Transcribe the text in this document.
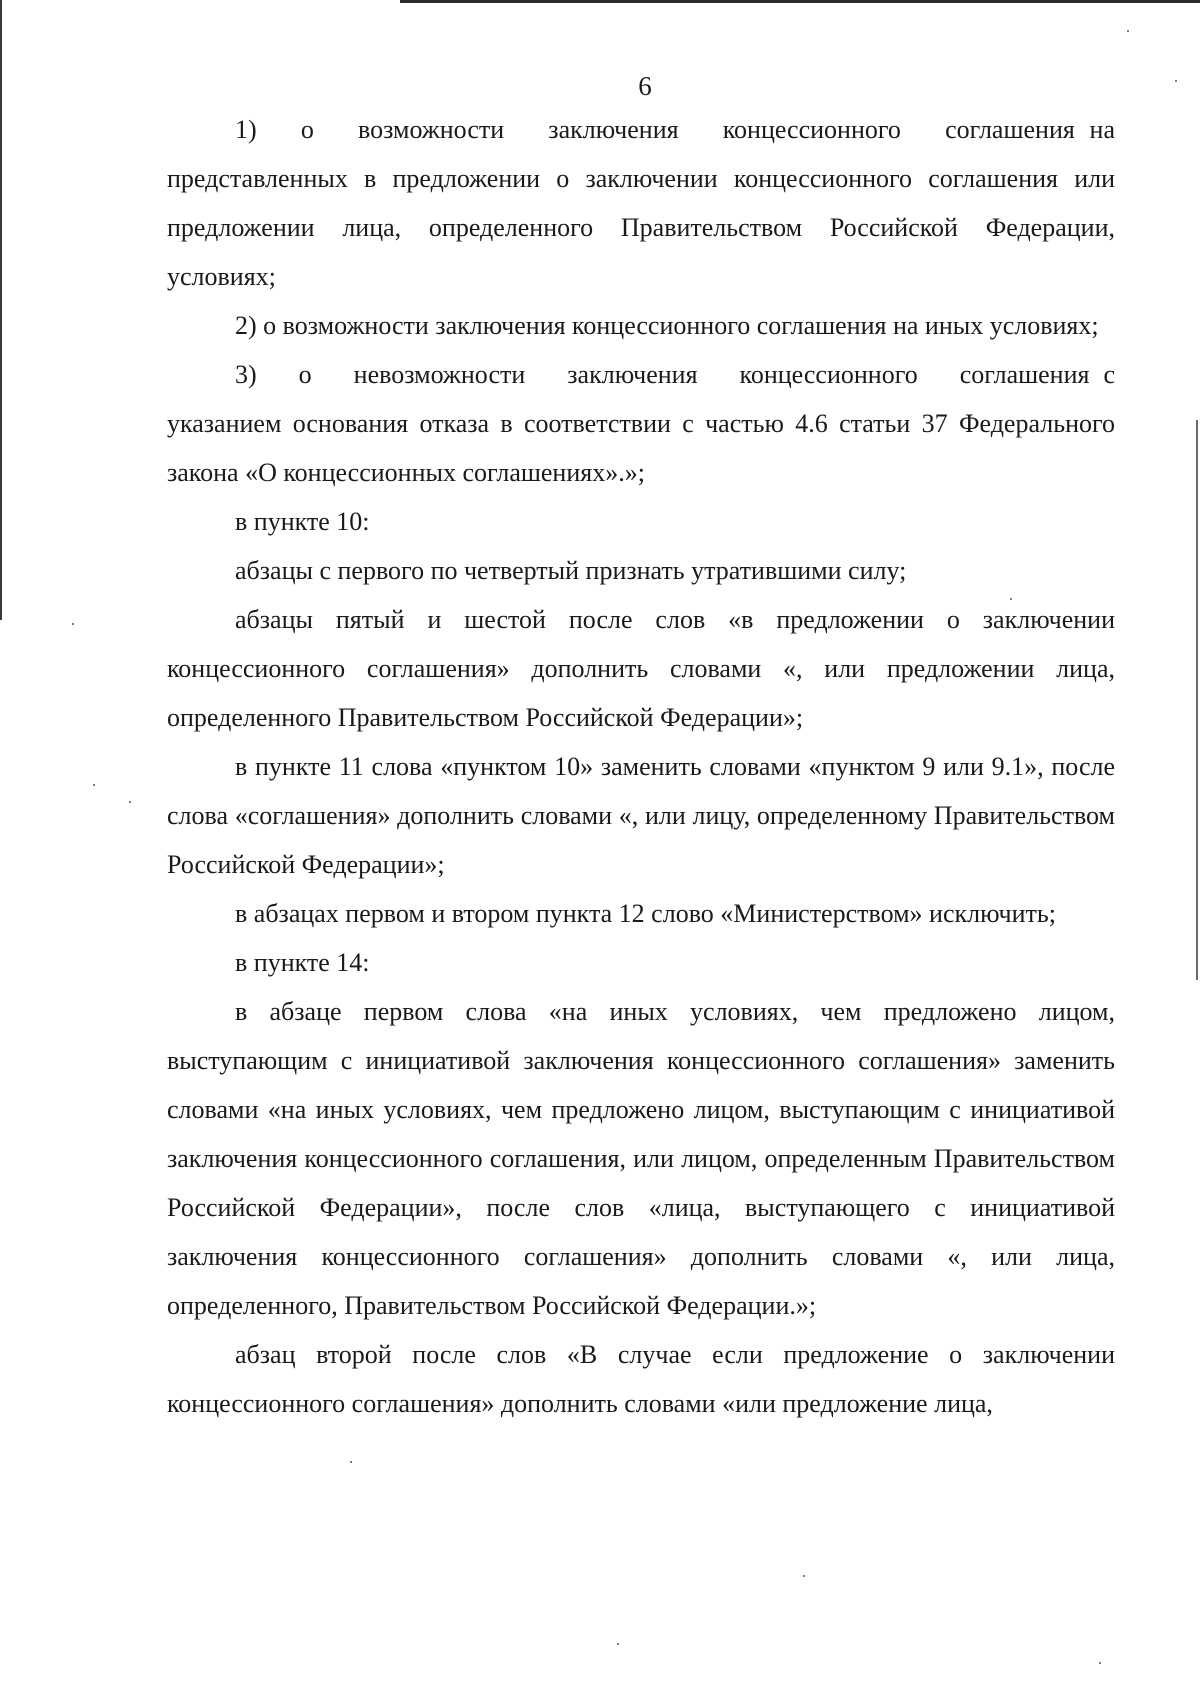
6

1)   о   возможности   заключения   концессионного   соглашения на представленных в предложении о заключении концессионного соглашения или предложении лица, определенного Правительством Российской Федерации, условиях;

2) о возможности заключения концессионного соглашения на иных условиях;

3)   о   невозможности   заключения   концессионного   соглашения с указанием основания отказа в соответствии с частью 4.6 статьи 37 Федерального закона «О концессионных соглашениях».»;

в пункте 10:

абзацы с первого по четвертый признать утратившими силу;

абзацы пятый и шестой после слов «в предложении о заключении концессионного соглашения» дополнить словами «, или предложении лица, определенного Правительством Российской Федерации»;

в пункте 11 слова «пунктом 10» заменить словами «пунктом 9 или 9.1», после слова «соглашения» дополнить словами «, или лицу, определенному Правительством Российской Федерации»;

в абзацах первом и втором пункта 12 слово «Министерством» исключить;

в пункте 14:

в абзаце первом слова «на иных условиях, чем предложено лицом, выступающим с инициативой заключения концессионного соглашения» заменить словами «на иных условиях, чем предложено лицом, выступающим с инициативой заключения концессионного соглашения, или лицом, определенным Правительством Российской Федерации», после слов «лица, выступающего с инициативой заключения концессионного соглашения» дополнить словами «, или лица, определенного, Правительством Российской Федерации.»;

абзац второй после слов «В случае если предложение о заключении концессионного соглашения» дополнить словами «или предложение лица,
